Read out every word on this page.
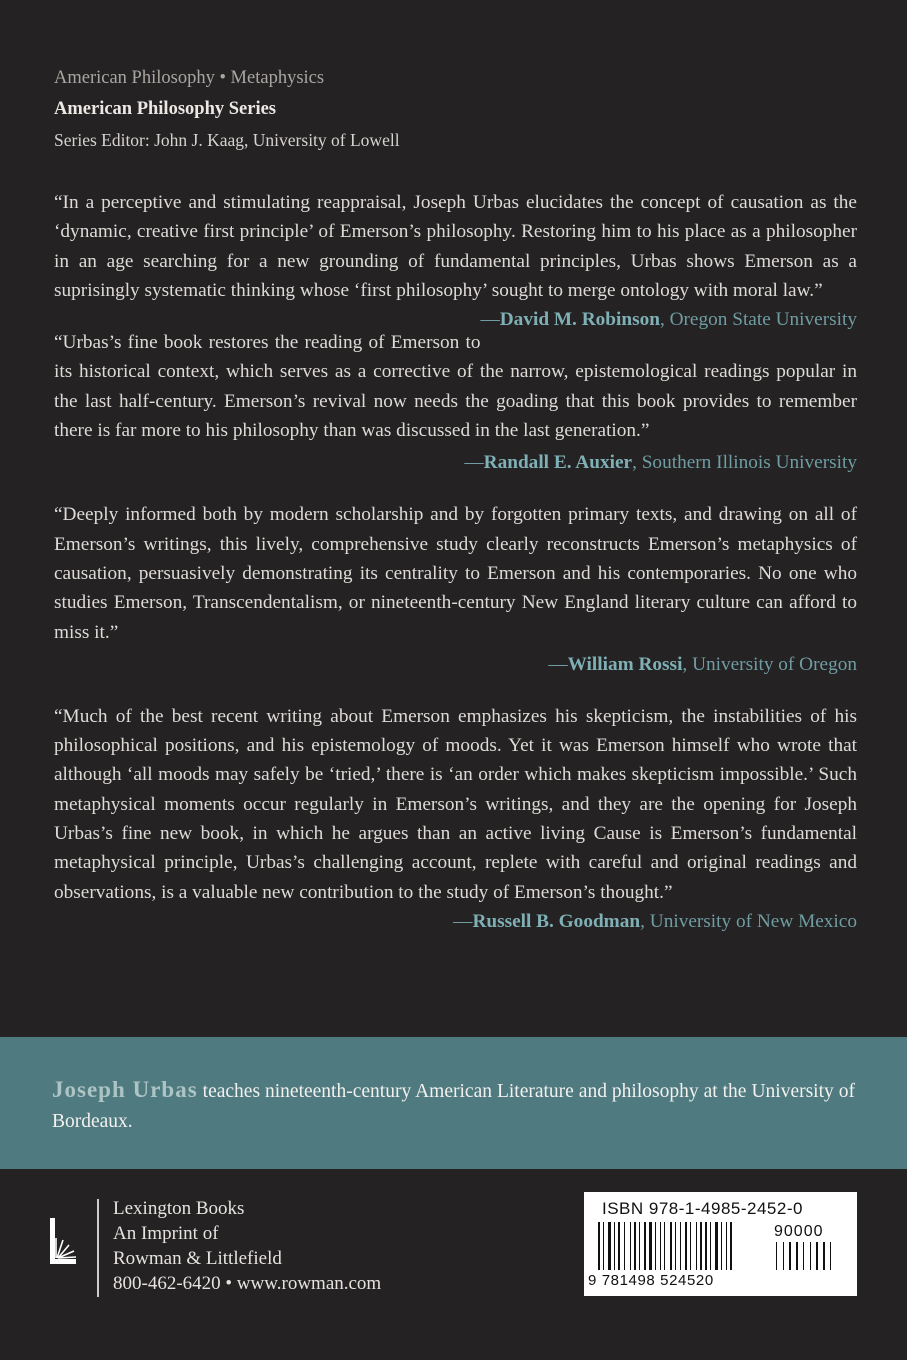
American Philosophy • Metaphysics
American Philosophy Series
Series Editor: John J. Kaag, University of Lowell

“In a perceptive and stimulating reappraisal, Joseph Urbas elucidates the concept of causation as the ‘dynamic, creative first principle’ of Emerson’s philosophy. Restoring him to his place as a philosopher in an age searching for a new grounding of fundamental principles, Urbas shows Emerson as a suprisingly systematic thinking whose ‘first philosophy’ sought to merge ontology with moral law.”
—David M. Robinson, Oregon State University

“Urbas’s fine book restores the reading of Emerson to its historical context, which serves as a corrective of the narrow, epistemological readings popular in the last half-century. Emerson’s revival now needs the goading that this book provides to remember there is far more to his philosophy than was discussed in the last generation.”

—Randall E. Auxier, Southern Illinois University

“Deeply informed both by modern scholarship and by forgotten primary texts, and drawing on all of Emerson’s writings, this lively, comprehensive study clearly reconstructs Emerson’s metaphysics of causation, persuasively demonstrating its centrality to Emerson and his contemporaries. No one who studies Emerson, Transcendentalism, or nineteenth-century New England literary culture can afford to miss it.”

—William Rossi, University of Oregon

“Much of the best recent writing about Emerson emphasizes his skepticism, the instabilities of his philosophical positions, and his epistemology of moods. Yet it was Emerson himself who wrote that although ‘all moods may safely be ‘tried,’ there is ‘an order which makes skepticism impossible.’ Such metaphysical moments occur regularly in Emerson’s writings, and they are the opening for Joseph Urbas’s fine new book, in which he argues than an active living Cause is Emerson’s fundamental metaphysical principle, Urbas’s challenging account, replete with careful and original readings and observations, is a valuable new contribution to the study of Emerson’s thought.”
—Russell B. Goodman, University of New Mexico

Joseph Urbas teaches nineteenth-century American Literature and philosophy at the University of Bordeaux.

Lexington Books
An Imprint of
Rowman & Littlefield
800-462-6420 • www.rowman.com
ISBN 978-1-4985-2452-0
90000
9 781498 524520
